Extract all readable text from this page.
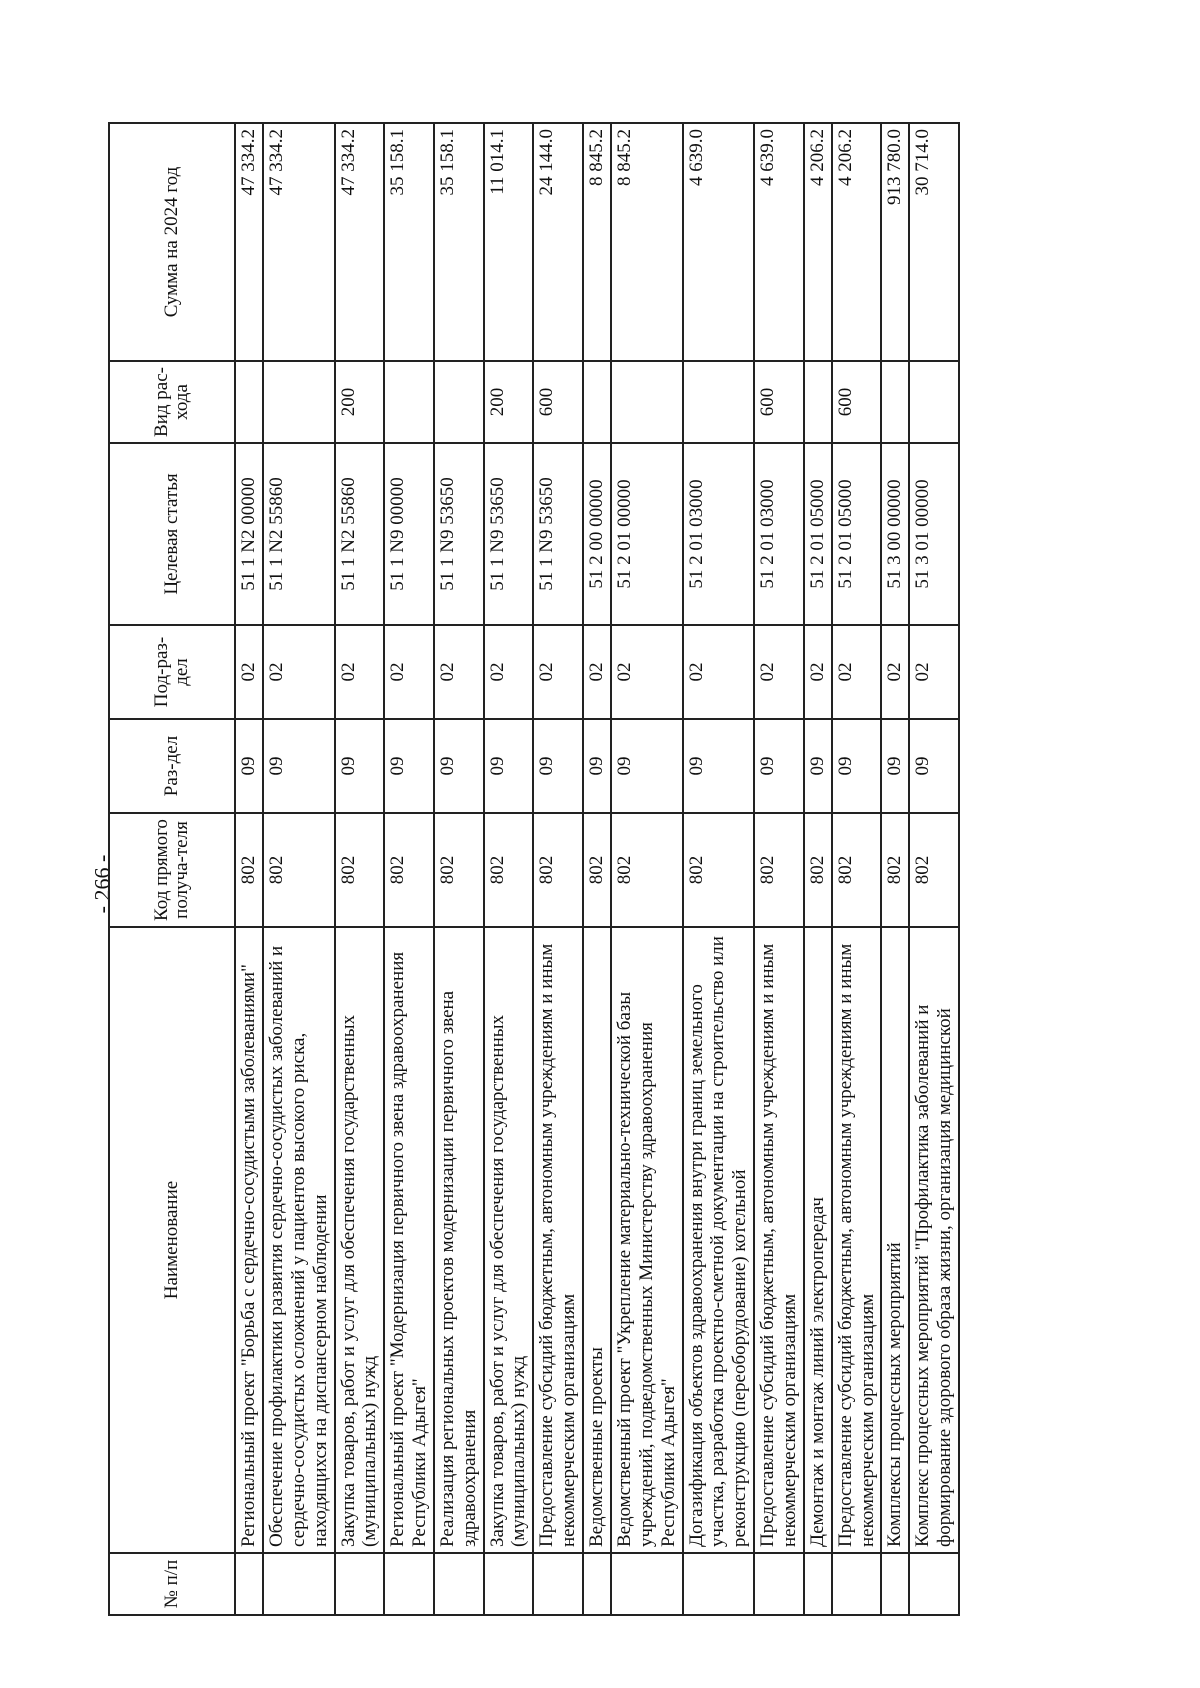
- 266 -
№ п/п	Наименование	Код прямого получа-теля	Раз-дел	Под-раз-дел	Целевая статья	Вид рас-хода	Сумма на 2024 год
	Региональный проект "Борьба с сердечно-сосудистыми заболеваниями"	802	09	02	51 1 N2 00000		47 334.2
	Обеспечение профилактики развития сердечно-сосудистых заболеваний и сердечно-сосудистых осложнений у пациентов высокого риска, находящихся на диспансерном наблюдении	802	09	02	51 1 N2 55860		47 334.2
	Закупка товаров, работ и услуг для обеспечения государственных (муниципальных) нужд	802	09	02	51 1 N2 55860	200	47 334.2
	Региональный проект "Модернизация первичного звена здравоохранения Республики Адыгея"	802	09	02	51 1 N9 00000		35 158.1
	Реализация региональных проектов модернизации первичного звена здравоохранения	802	09	02	51 1 N9 53650		35 158.1
	Закупка товаров, работ и услуг для обеспечения государственных (муниципальных) нужд	802	09	02	51 1 N9 53650	200	11 014.1
	Предоставление субсидий бюджетным, автономным учреждениям и иным некоммерческим организациям	802	09	02	51 1 N9 53650	600	24 144.0
	Ведомственные проекты	802	09	02	51 2 00 00000		8 845.2
	Ведомственный проект "Укрепление материально-технической базы учреждений, подведомственных Министерству здравоохранения Республики Адыгея"	802	09	02	51 2 01 00000		8 845.2
	Догазификация объектов здравоохранения внутри границ земельного участка, разработка проектно-сметной документации на строительство или реконструкцию (переоборудование) котельной	802	09	02	51 2 01 03000		4 639.0
	Предоставление субсидий бюджетным, автономным учреждениям и иным некоммерческим организациям	802	09	02	51 2 01 03000	600	4 639.0
	Демонтаж и монтаж линий электропередач	802	09	02	51 2 01 05000		4 206.2
	Предоставление субсидий бюджетным, автономным учреждениям и иным некоммерческим организациям	802	09	02	51 2 01 05000	600	4 206.2
	Комплексы процессных мероприятий	802	09	02	51 3 00 00000		913 780.0
	Комплекс процессных мероприятий "Профилактика заболеваний и формирование здорового образа жизни, организация медицинской	802	09	02	51 3 01 00000		30 714.0
